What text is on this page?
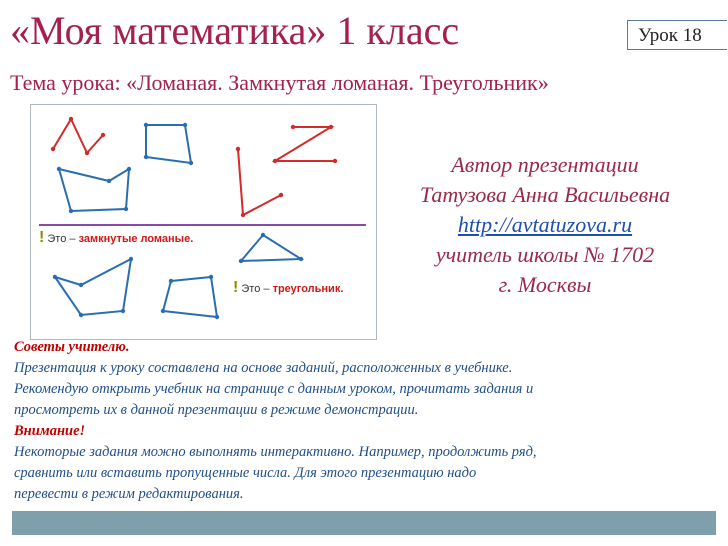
«Моя математика» 1 класс	Урок 18
Тема урока: «Ломаная. Замкнутая ломаная. Треугольник»
! Это – замкнутые ломаные.
! Это – треугольник.
Автор презентации
Татузова Анна Васильевна
http://avtatuzova.ru
учитель школы № 1702
г. Москвы
Советы учителю.
Презентация к уроку составлена на основе заданий, расположенных в учебнике.
Рекомендую открыть учебник на странице с данным уроком, прочитать задания и
просмотреть их в данной презентации в режиме демонстрации.
Внимание!
Некоторые задания можно выполнять интерактивно. Например, продолжить ряд,
сравнить или вставить пропущенные числа. Для этого презентацию надо
перевести в режим редактирования.
